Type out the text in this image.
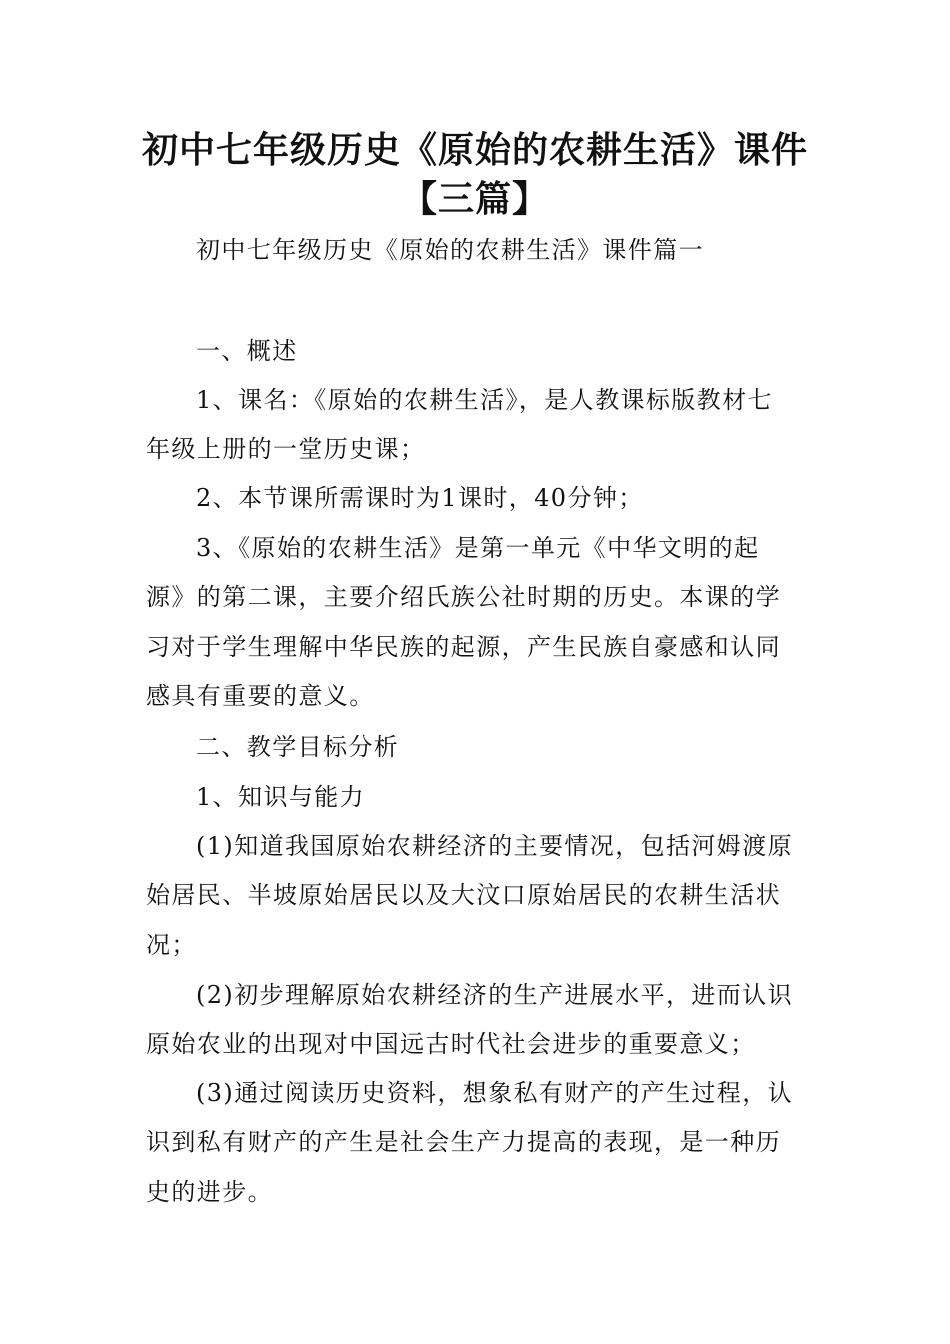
初中七年级历史《原始的农耕生活》课件
【三篇】
初中七年级历史《原始的农耕生活》课件篇一
一、概述
1、课名：《原始的农耕生活》，是人教课标版教材七
年级上册的一堂历史课；
2、本节课所需课时为1课时，40分钟；
3、《原始的农耕生活》是第一单元《中华文明的起
源》的第二课，主要介绍氏族公社时期的历史。本课的学
习对于学生理解中华民族的起源，产生民族自豪感和认同
感具有重要的意义。
二、教学目标分析
1、知识与能力
(1)知道我国原始农耕经济的主要情况，包括河姆渡原
始居民、半坡原始居民以及大汶口原始居民的农耕生活状
况；
(2)初步理解原始农耕经济的生产进展水平，进而认识
原始农业的出现对中国远古时代社会进步的重要意义；
(3)通过阅读历史资料，想象私有财产的产生过程，认
识到私有财产的产生是社会生产力提高的表现，是一种历
史的进步。
